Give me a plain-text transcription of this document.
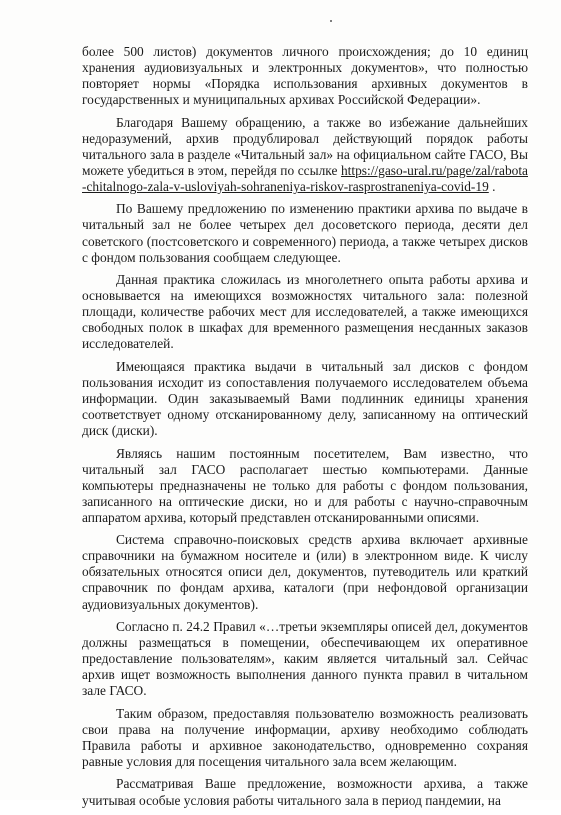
более 500 листов) документов личного происхождения; до 10 единиц хранения аудиовизуальных и электронных документов», что полностью повторяет нормы «Порядка использования архивных документов в государственных и муниципальных архивах Российской Федерации».

Благодаря Вашему обращению, а также во избежание дальнейших недоразумений, архив продублировал действующий порядок работы читального зала в разделе «Читальный зал» на официальном сайте ГАСО, Вы можете убедиться в этом, перейдя по ссылке https://gaso-ural.ru/page/zal/rabota-chitalnogo-zala-v-usloviyah-sohraneniya-riskov-rasprostraneniya-covid-19 .

По Вашему предложению по изменению практики архива по выдаче в читальный зал не более четырех дел досоветского периода, десяти дел советского (постсоветского и современного) периода, а также четырех дисков с фондом пользования сообщаем следующее.

Данная практика сложилась из многолетнего опыта работы архива и основывается на имеющихся возможностях читального зала: полезной площади, количестве рабочих мест для исследователей, а также имеющихся свободных полок в шкафах для временного размещения несданных заказов исследователей.

Имеющаяся практика выдачи в читальный зал дисков с фондом пользования исходит из сопоставления получаемого исследователем объема информации. Один заказываемый Вами подлинник единицы хранения соответствует одному отсканированному делу, записанному на оптический диск (диски).

Являясь нашим постоянным посетителем, Вам известно, что читальный зал ГАСО располагает шестью компьютерами. Данные компьютеры предназначены не только для работы с фондом пользования, записанного на оптические диски, но и для работы с научно-справочным аппаратом архива, который представлен отсканированными описями.

Система справочно-поисковых средств архива включает архивные справочники на бумажном носителе и (или) в электронном виде. К числу обязательных относятся описи дел, документов, путеводитель или краткий справочник по фондам архива, каталоги (при нефондовой организации аудиовизуальных документов).

Согласно п. 24.2 Правил «…третьи экземпляры описей дел, документов должны размещаться в помещении, обеспечивающем их оперативное предоставление пользователям», каким является читальный зал. Сейчас архив ищет возможность выполнения данного пункта правил в читальном зале ГАСО.

Таким образом, предоставляя пользователю возможность реализовать свои права на получение информации, архиву необходимо соблюдать Правила работы и архивное законодательство, одновременно сохраняя равные условия для посещения читального зала всем желающим.

Рассматривая Ваше предложение, возможности архива, а также учитывая особые условия работы читального зала в период пандемии, на
